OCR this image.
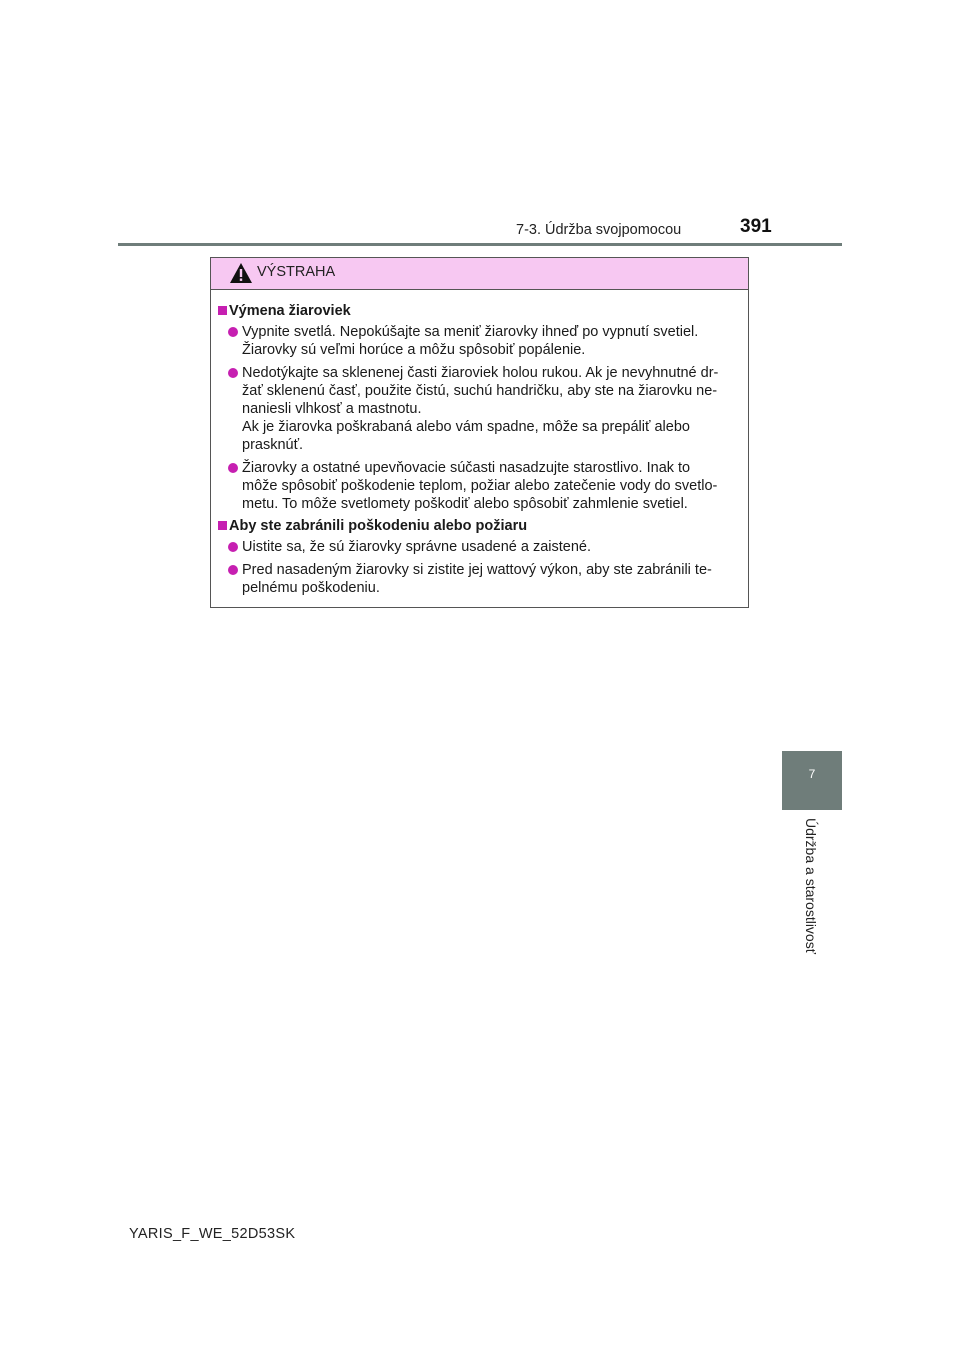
7-3. Údržba svojpomocou	391
VÝSTRAHA
Výmena žiaroviek
Vypnite svetlá. Nepokúšajte sa meniť žiarovky ihneď po vypnutí svetiel.
Žiarovky sú veľmi horúce a môžu spôsobiť popálenie.
Nedotýkajte sa sklenenej časti žiaroviek holou rukou. Ak je nevyhnutné dr-
žať sklenenú časť, použite čistú, suchú handričku, aby ste na žiarovku ne-
naniesli vlhkosť a mastnotu.
Ak je žiarovka poškrabaná alebo vám spadne, môže sa prepáliť alebo
prasknúť.
Žiarovky a ostatné upevňovacie súčasti nasadzujte starostlivo. Inak to
môže spôsobiť poškodenie teplom, požiar alebo zatečenie vody do svetlo-
metu. To môže svetlomety poškodiť alebo spôsobiť zahmlenie svetiel.
Aby ste zabránili poškodeniu alebo požiaru
Uistite sa, že sú žiarovky správne usadené a zaistené.
Pred nasadeným žiarovky si zistite jej wattový výkon, aby ste zabránili te-
pelnému poškodeniu.
7
Údržba a starostlivosť
YARIS_F_WE_52D53SK
